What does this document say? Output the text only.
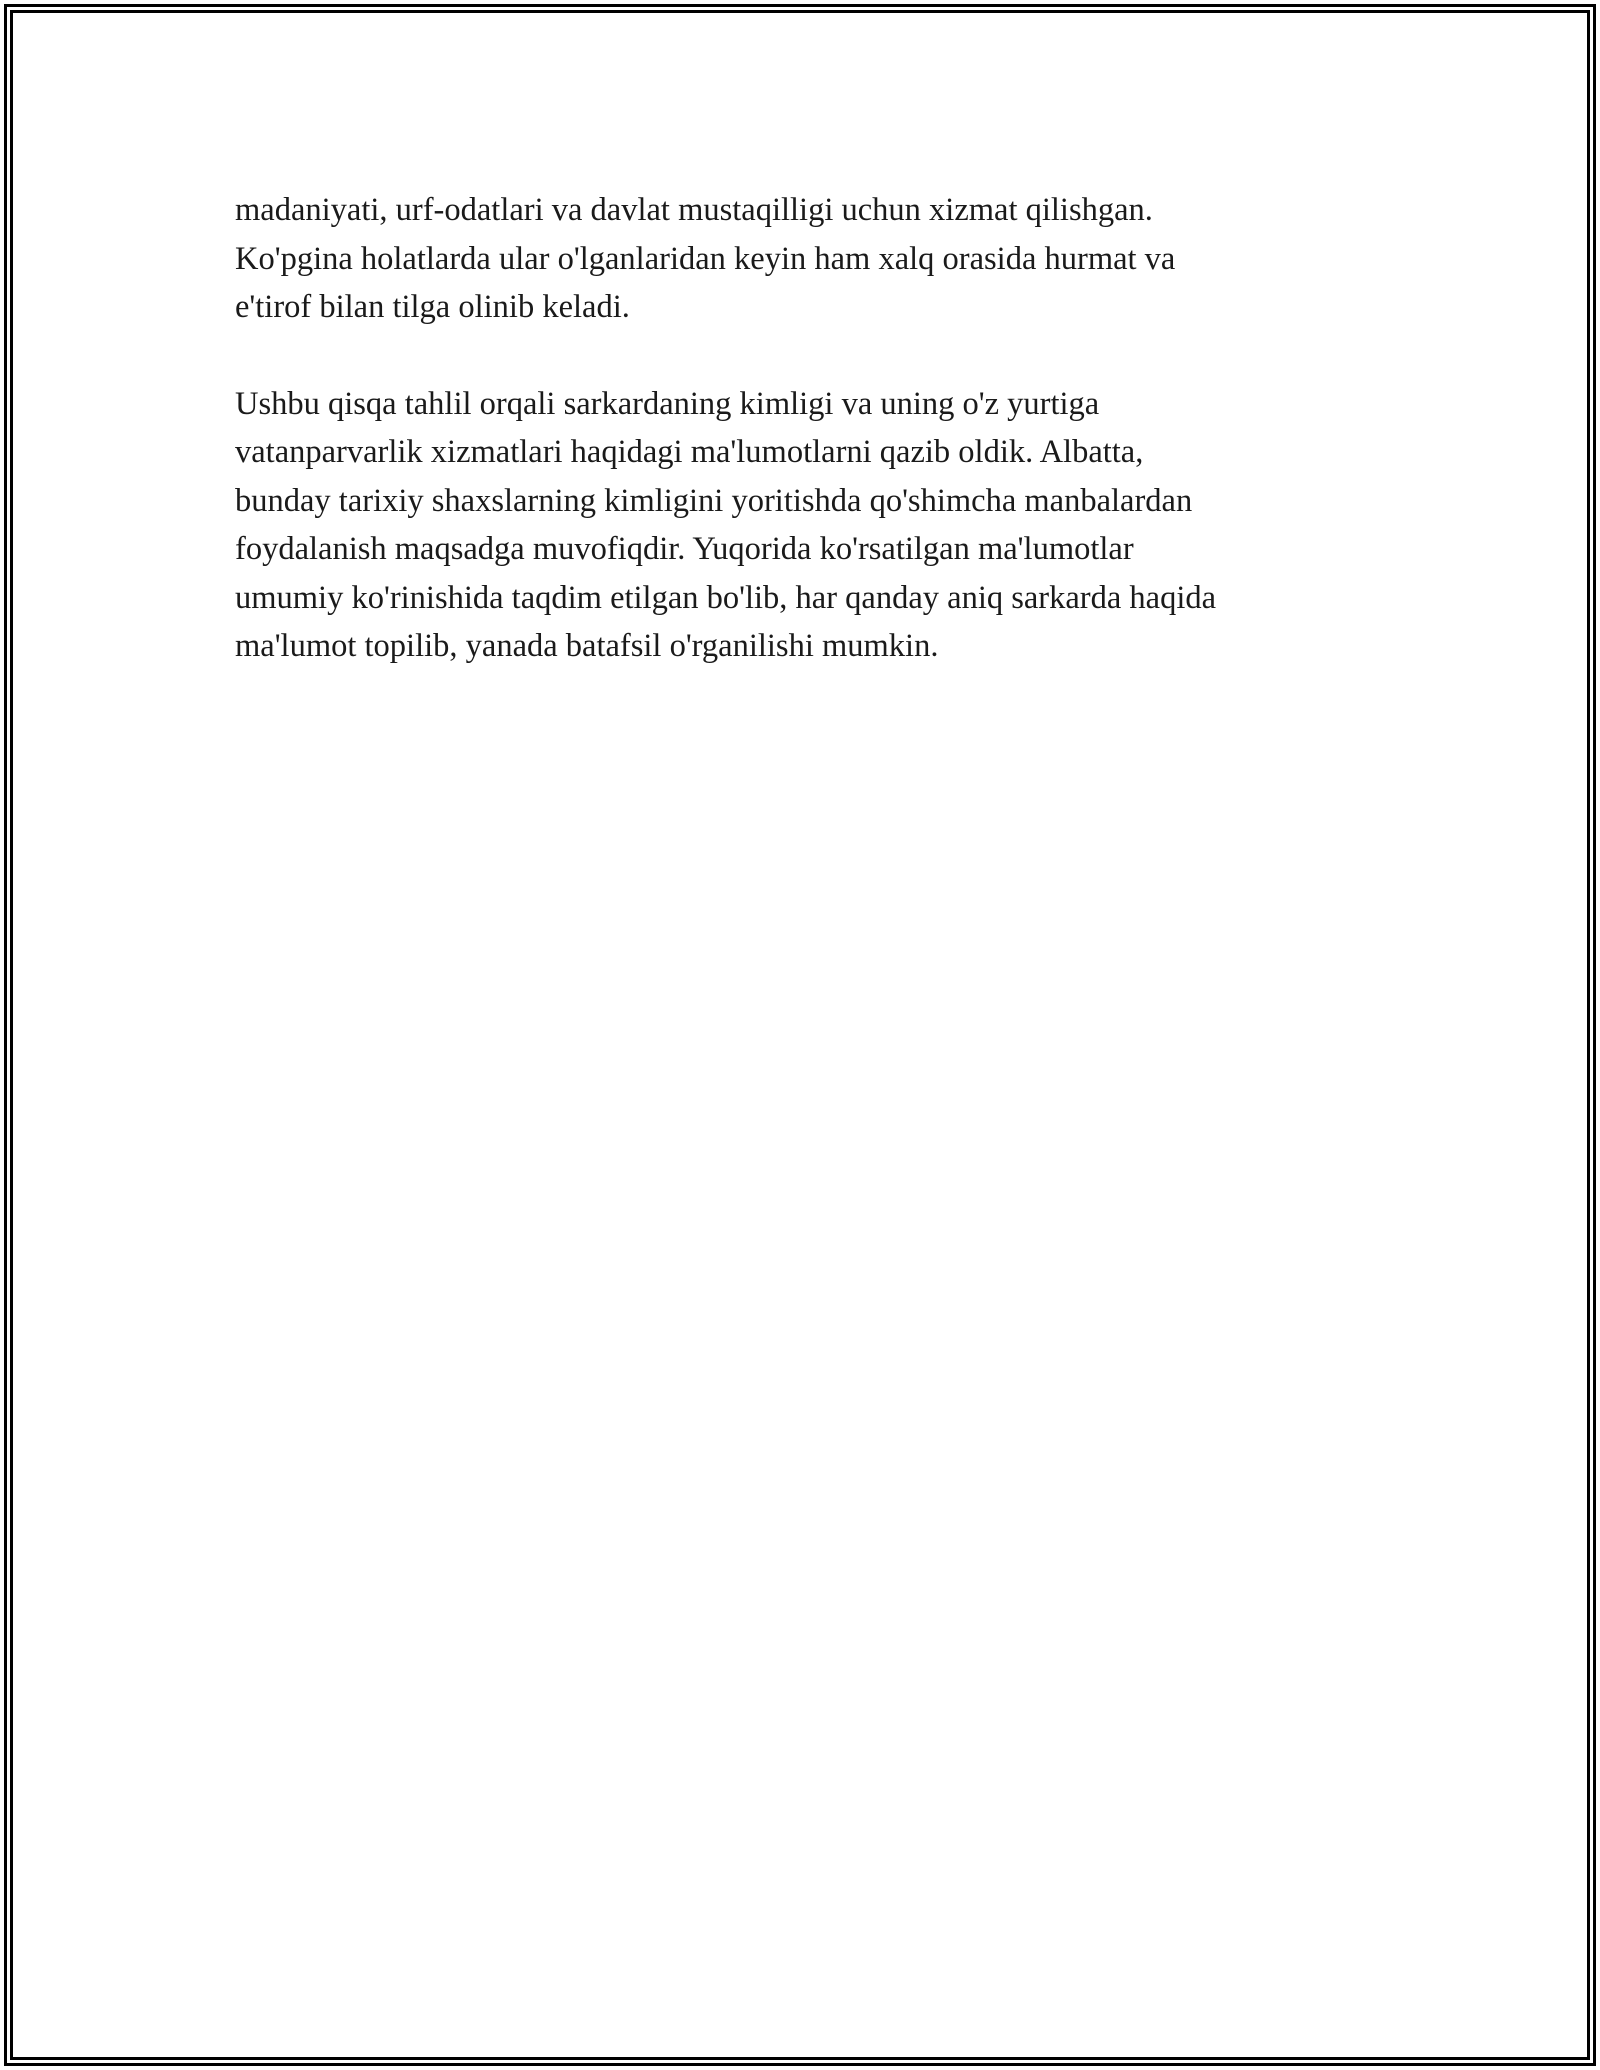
madaniyati, urf-odatlari va davlat mustaqilligi uchun xizmat qilishgan.
Ko'pgina holatlarda ular o'lganlaridan keyin ham xalq orasida hurmat va
e'tirof bilan tilga olinib keladi.

Ushbu qisqa tahlil orqali sarkardaning kimligi va uning o'z yurtiga
vatanparvarlik xizmatlari haqidagi ma'lumotlarni qazib oldik. Albatta,
bunday tarixiy shaxslarning kimligini yoritishda qo'shimcha manbalardan
foydalanish maqsadga muvofiqdir. Yuqorida ko'rsatilgan ma'lumotlar
umumiy ko'rinishida taqdim etilgan bo'lib, har qanday aniq sarkarda haqida
ma'lumot topilib, yanada batafsil o'rganilishi mumkin.
